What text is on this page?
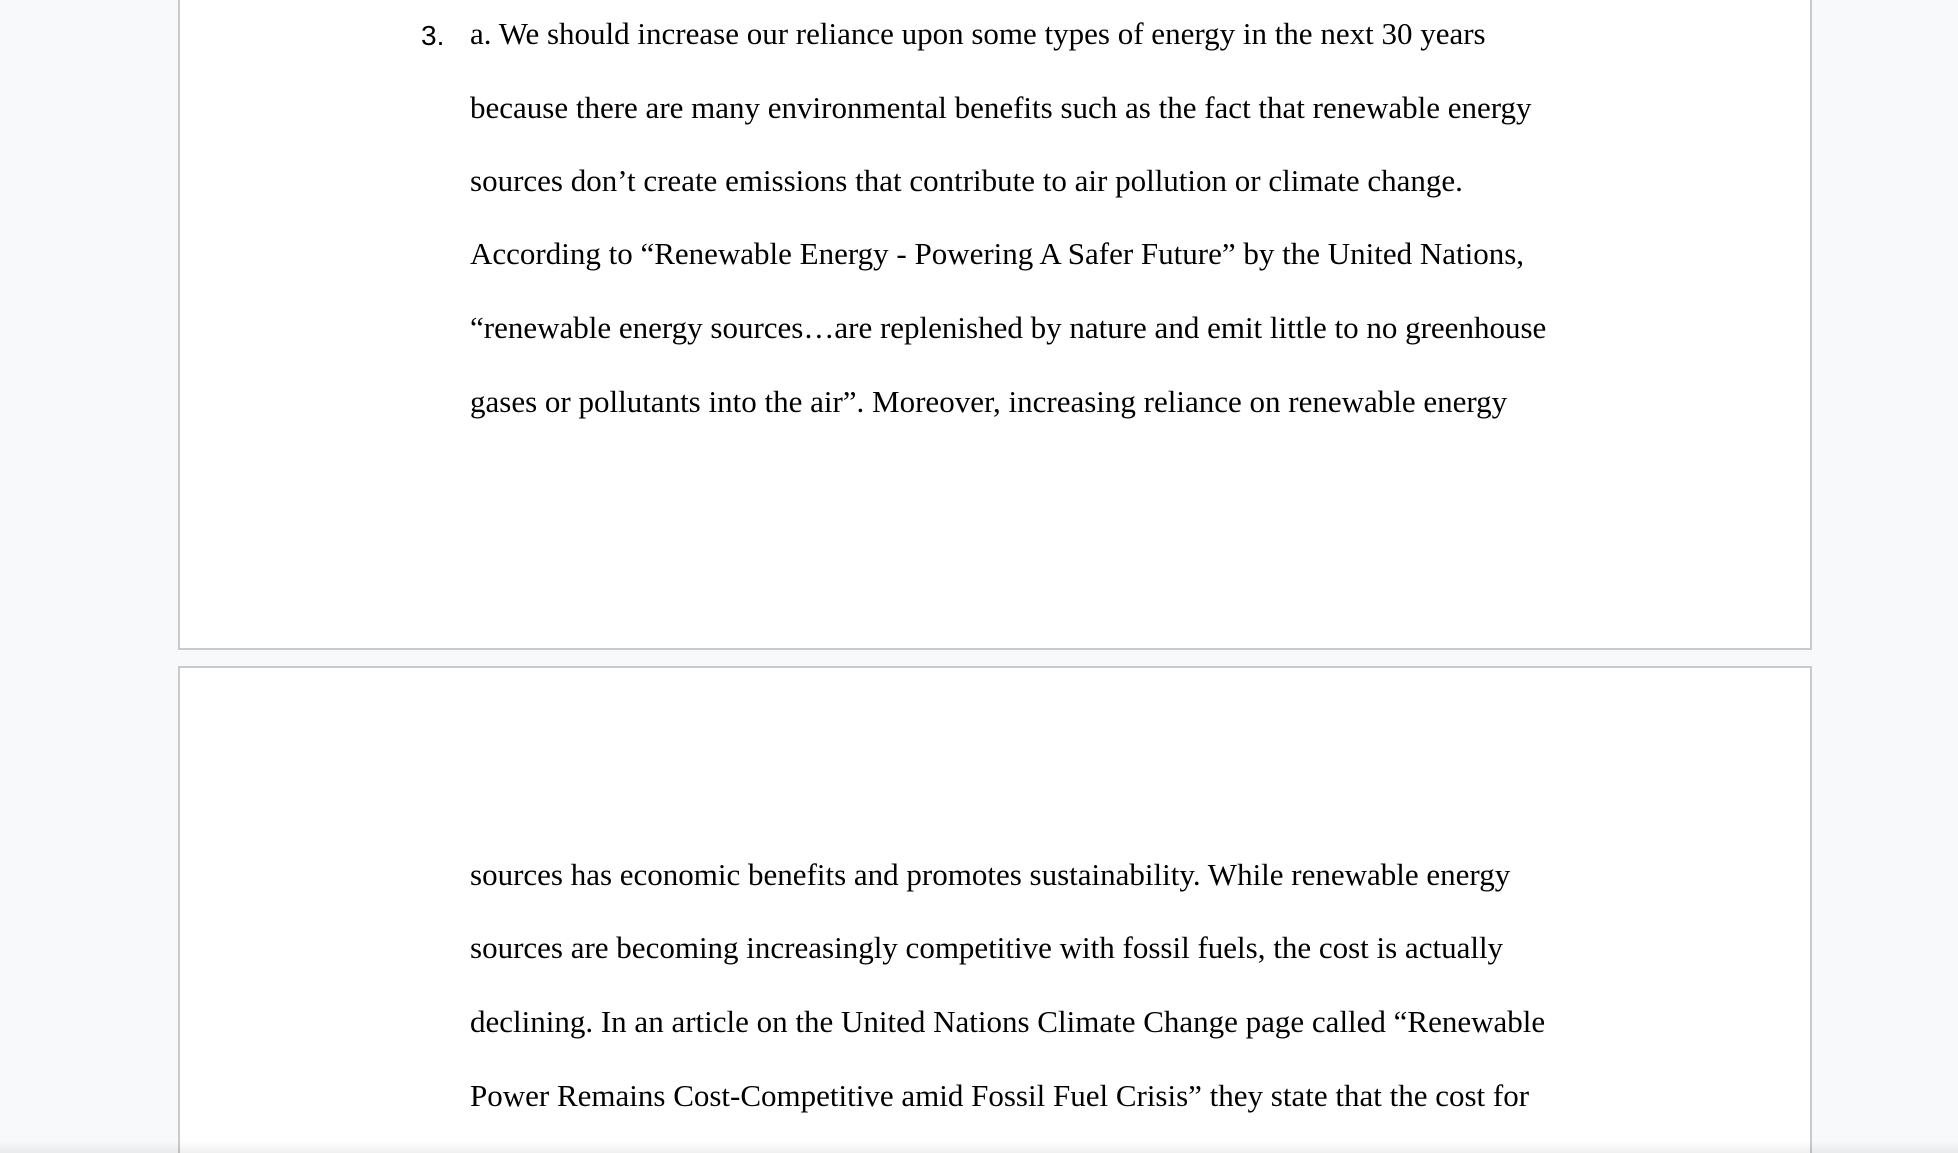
3. a. We should increase our reliance upon some types of energy in the next 30 years
because there are many environmental benefits such as the fact that renewable energy
sources don’t create emissions that contribute to air pollution or climate change.
According to “Renewable Energy - Powering A Safer Future” by the United Nations,
“renewable energy sources…are replenished by nature and emit little to no greenhouse
gases or pollutants into the air”. Moreover, increasing reliance on renewable energy
sources has economic benefits and promotes sustainability. While renewable energy
sources are becoming increasingly competitive with fossil fuels, the cost is actually
declining. In an article on the United Nations Climate Change page called “Renewable
Power Remains Cost-Competitive amid Fossil Fuel Crisis” they state that the cost for
